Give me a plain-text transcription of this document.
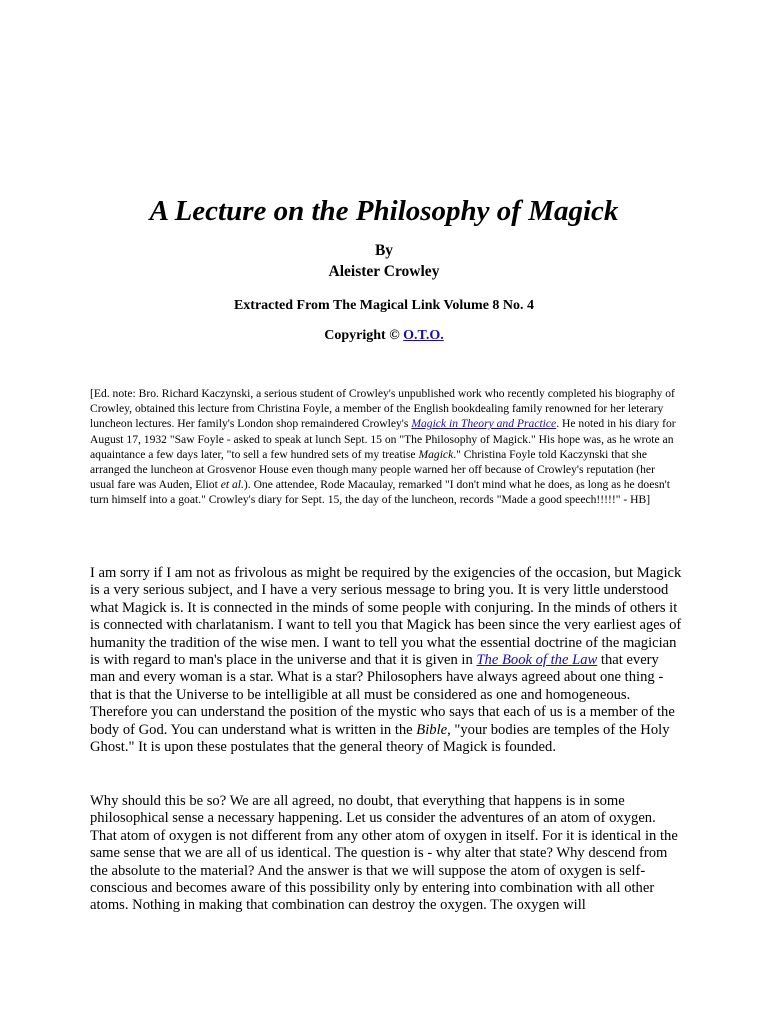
A Lecture on the Philosophy of Magick
By
Aleister Crowley
Extracted From The Magical Link Volume 8 No. 4
Copyright © O.T.O.

[Ed. note: Bro. Richard Kaczynski, a serious student of Crowley's unpublished work who recently completed his biography of Crowley, obtained this lecture from Christina Foyle, a member of the English bookdealing family renowned for her leterary luncheon lectures. Her family's London shop remaindered Crowley's Magick in Theory and Practice. He noted in his diary for August 17, 1932 "Saw Foyle - asked to speak at lunch Sept. 15 on "The Philosophy of Magick." His hope was, as he wrote an aquaintance a few days later, "to sell a few hundred sets of my treatise Magick." Christina Foyle told Kaczynski that she arranged the luncheon at Grosvenor House even though many people warned her off because of Crowley's reputation (her usual fare was Auden, Eliot et al.). One attendee, Rode Macaulay, remarked "I don't mind what he does, as long as he doesn't turn himself into a goat." Crowley's diary for Sept. 15, the day of the luncheon, records "Made a good speech!!!!!" - HB]

I am sorry if I am not as frivolous as might be required by the exigencies of the occasion, but Magick is a very serious subject, and I have a very serious message to bring you. It is very little understood what Magick is. It is connected in the minds of some people with conjuring. In the minds of others it is connected with charlatanism. I want to tell you that Magick has been since the very earliest ages of humanity the tradition of the wise men. I want to tell you what the essential doctrine of the magician is with regard to man's place in the universe and that it is given in The Book of the Law that every man and every woman is a star. What is a star? Philosophers have always agreed about one thing - that is that the Universe to be intelligible at all must be considered as one and homogeneous. Therefore you can understand the position of the mystic who says that each of us is a member of the body of God. You can understand what is written in the Bible, "your bodies are temples of the Holy Ghost." It is upon these postulates that the general theory of Magick is founded.

Why should this be so? We are all agreed, no doubt, that everything that happens is in some philosophical sense a necessary happening. Let us consider the adventures of an atom of oxygen. That atom of oxygen is not different from any other atom of oxygen in itself. For it is identical in the same sense that we are all of us identical. The question is - why alter that state? Why descend from the absolute to the material? And the answer is that we will suppose the atom of oxygen is self-conscious and becomes aware of this possibility only by entering into combination with all other atoms. Nothing in making that combination can destroy the oxygen. The oxygen will
